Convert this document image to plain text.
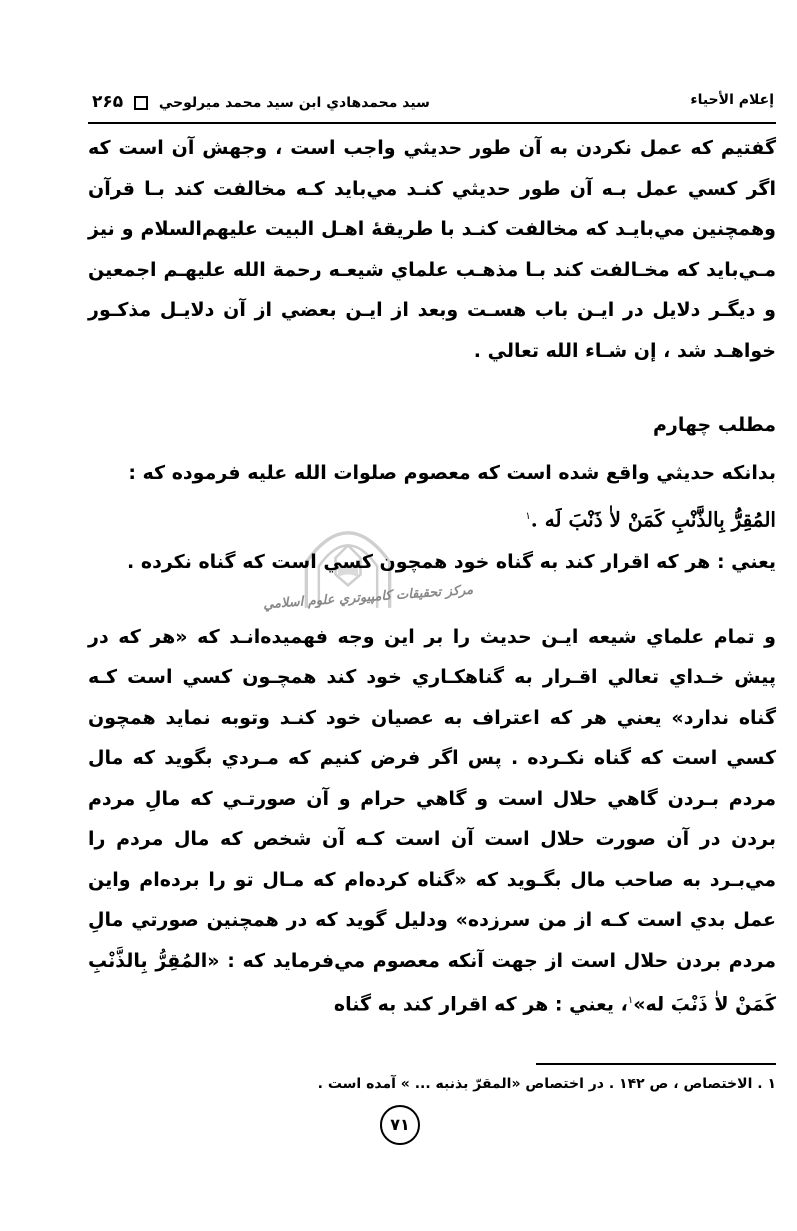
إعلام الأحياء
سيد محمدهادي ابن سيد محمد ميرلوحي  ۲۶۵

گفتيم كه عمل نكردن به آن طور حديثي واجب است ، وجهش آن است كه اگر كسي عمل بـه آن طور حديثي كنـد مي‌بايد كـه مخالفت كند بـا قرآن وهمچنين مي‌بايـد كه مخالفت كنـد با طريقهٔ اهـل البيت عليهم‌السلام و نيز مـي‌بايد كه مخـالفت كند بـا مذهـب علماي شيعـه رحمة الله عليهـم اجمعين و ديگـر دلايل در ايـن باب هسـت وبعد از ايـن بعضي از آن دلايـل مذكـور خواهـد شد ، إن شـاء الله تعالي .

مطلب چهارم

بدانكه حديثي واقع شده است كه معصوم صلوات الله عليه فرموده كه :

المُقِرُّ بِالذَّنْبِ كَمَنْ لاٰ ذَنْبَ لَه .$^۱$

يعني : هر كه اقرار كند به گناه خود همچون كسي است كه گناه نكرده .

مركز تحقيقات كامپيوتري علوم اسلامي

و تمام علماي شيعه ايـن حديث را بر اين وجه فهميده‌انـد كه «هر كه در پيش خـداي تعالي اقـرار به گناهكـاري خود كند همچـون كسي است كـه گناه ندارد» يعني هر كه اعتراف به عصيان خود كنـد وتوبه نمايد همچون كسي است كه گناه نكـرده . پس اگر فرض كنيم كه مـردي بگويد كه مال مردم بـردن گاهي حلال است و گاهي حرام و آن صورتـي كه مالِ مردم بردن در آن صورت حلال است آن است كـه آن شخص كه مال مردم را مي‌بـرد به صاحب مال بگـويد كه «گناه كرده‌ام كه مـال تو را برده‌ام واين عمل بدي است كـه از من سرزده» ودليل گويد كه در همچنين صورتي مالِ مردم بردن حلال است از جهت آنكه معصوم مي‌فرمايد كه : «المُقِرُّ بِالذَّنْبِ كَمَنْ لاٰ ذَنْبَ له»$^۱$، يعني : هر كه اقرار كند به گناه

۱ . الاختصاص ، ص ۱۴۲ . در اختصاص «المقرّ بذنبه ... » آمده است .
۷۱
